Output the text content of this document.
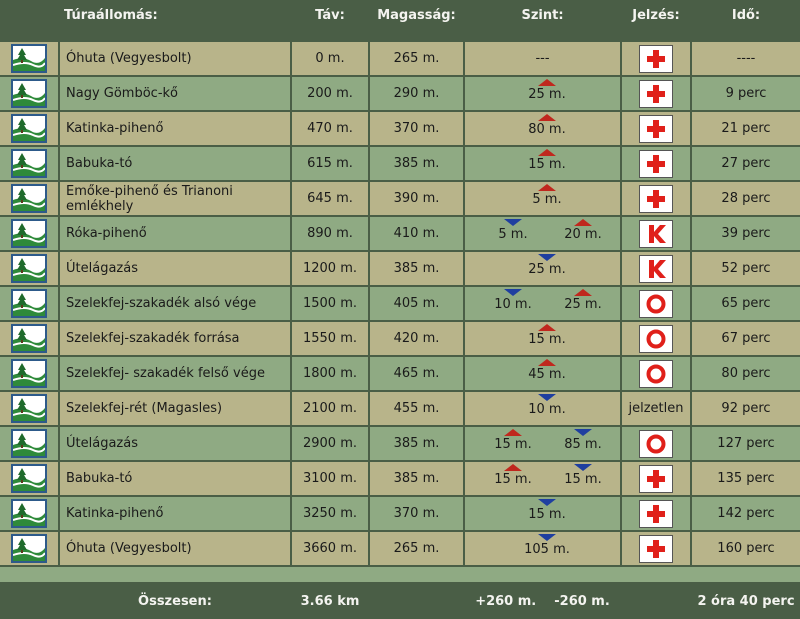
Túraállomás:	Táv:	Magasság:	Szint:	Jelzés:	Idő:
Óhuta (Vegyesbolt)	0 m.	265 m.	---	----
Nagy Gömböc-kő	200 m.	290 m.	25 m.	9 perc
Katinka-pihenő	470 m.	370 m.	80 m.	21 perc
Babuka-tó	615 m.	385 m.	15 m.	27 perc
Emőke-pihenő és Trianoni emlékhely	645 m.	390 m.	5 m.	28 perc
Róka-pihenő	890 m.	410 m.	5 m.	20 m.	39 perc
Útelágazás	1200 m.	385 m.	25 m.	52 perc
Szelekfej-szakadék alsó vége	1500 m.	405 m.	10 m.	25 m.	65 perc
Szelekfej-szakadék forrása	1550 m.	420 m.	15 m.	67 perc
Szelekfej- szakadék felső vége	1800 m.	465 m.	45 m.	80 perc
Szelekfej-rét (Magasles)	2100 m.	455 m.	10 m.	jelzetlen	92 perc
Útelágazás	2900 m.	385 m.	15 m.	85 m.	127 perc
Babuka-tó	3100 m.	385 m.	15 m.	15 m.	135 perc
Katinka-pihenő	3250 m.	370 m.	15 m.	142 perc
Óhuta (Vegyesbolt)	3660 m.	265 m.	105 m.	160 perc
Összesen:	3.66 km	+260 m. -260 m.	2 óra 40 perc
